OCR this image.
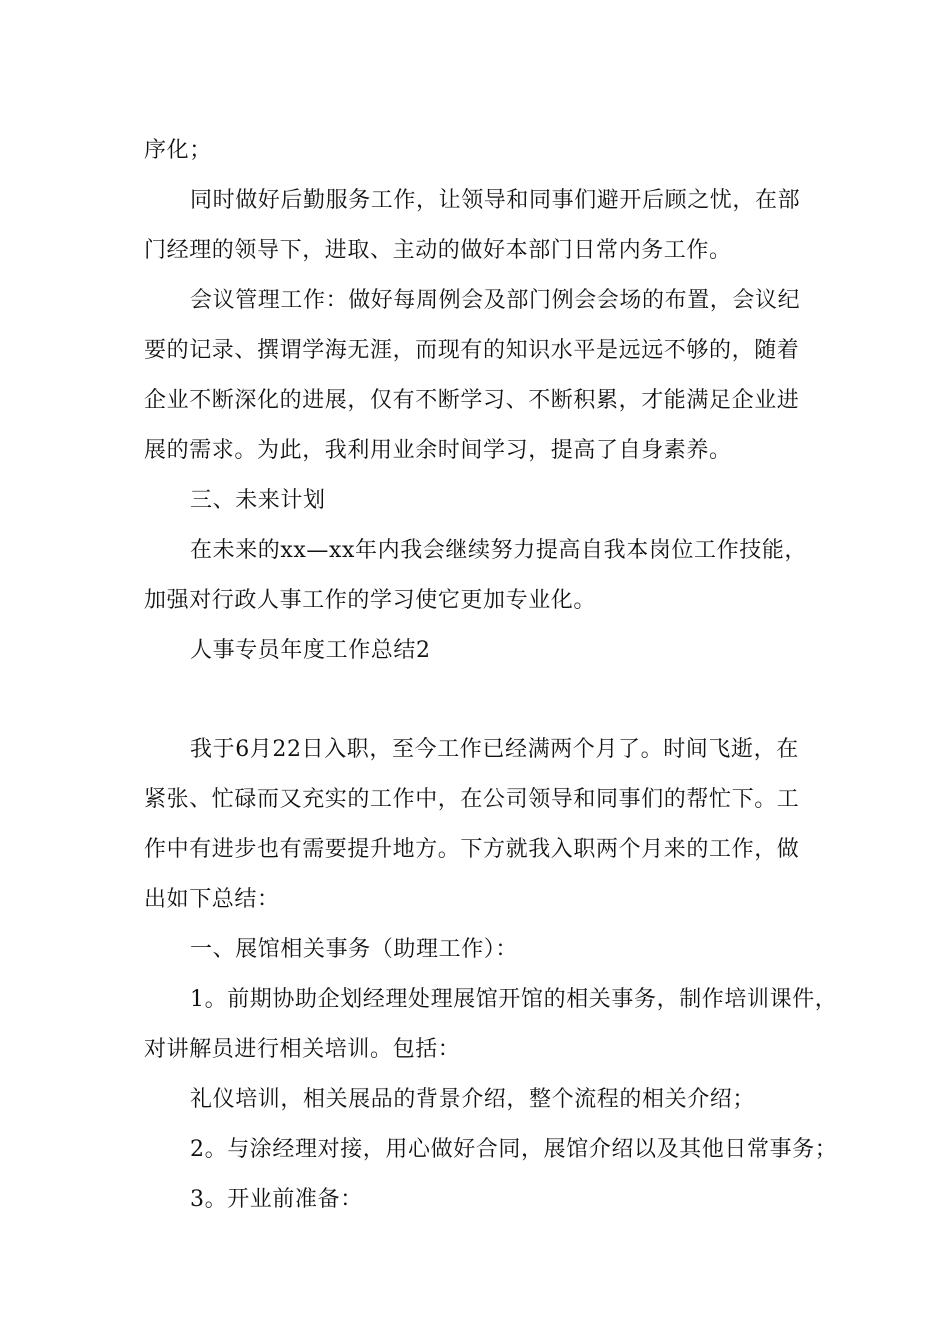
序化；
同时做好后勤服务工作，让领导和同事们避开后顾之忧，在部
门经理的领导下，进取、主动的做好本部门日常内务工作。
会议管理工作：做好每周例会及部门例会会场的布置，会议纪
要的记录、撰谓学海无涯，而现有的知识水平是远远不够的，随着
企业不断深化的进展，仅有不断学习、不断积累，才能满足企业进
展的需求。为此，我利用业余时间学习，提高了自身素养。
三、未来计划
在未来的xx—xx年内我会继续努力提高自我本岗位工作技能，
加强对行政人事工作的学习使它更加专业化。
人事专员年度工作总结2
我于6月22日入职，至今工作已经满两个月了。时间飞逝，在
紧张、忙碌而又充实的工作中，在公司领导和同事们的帮忙下。工
作中有进步也有需要提升地方。下方就我入职两个月来的工作，做
出如下总结：
一、展馆相关事务（助理工作）：
1。前期协助企划经理处理展馆开馆的相关事务，制作培训课件，
对讲解员进行相关培训。包括：
礼仪培训，相关展品的背景介绍，整个流程的相关介绍；
2。与涂经理对接，用心做好合同，展馆介绍以及其他日常事务；
3。开业前准备：
